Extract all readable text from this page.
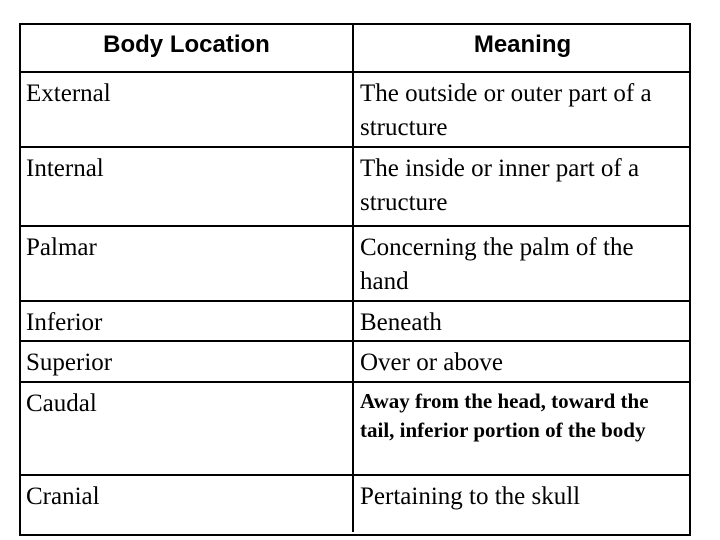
Body Location	Meaning
External	The outside or outer part of a structure
Internal	The inside or inner part of a structure
Palmar	Concerning the palm of the hand
Inferior	Beneath
Superior	Over or above
Caudal	Away from the head, toward the tail, inferior portion of the body
Cranial	Pertaining to the skull
